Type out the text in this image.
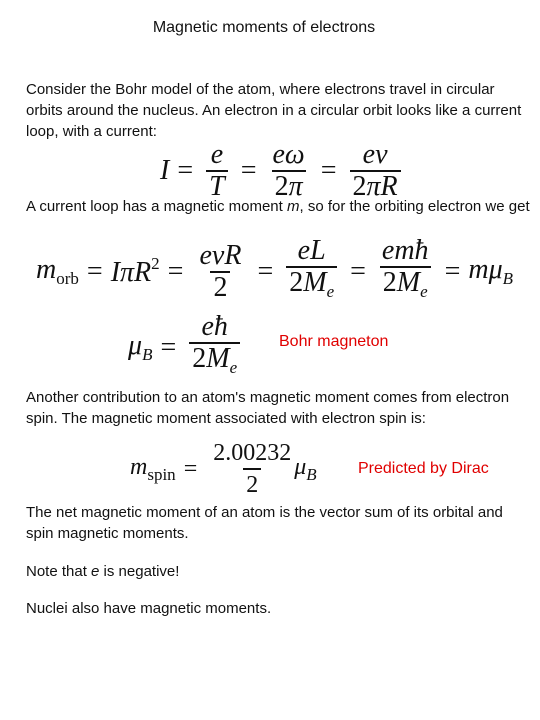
Magnetic moments of electrons
Consider the Bohr model of the atom, where electrons travel in circular orbits around the nucleus. An electron in a circular orbit looks like a current loop, with a current:
$I = \frac{e}{T} = \frac{e\omega}{2\pi} = \frac{ev}{2\pi R}$
A current loop has a magnetic moment m, so for the orbiting electron we get
$m_{orb} = I\pi R^2 = \frac{\text{evR}}{2} = \frac{eL}{2M_e} = \frac{\text{emħ}}{2M_e} = m\mu_B$
$\mu_B = \frac{eħ}{2M_e}$ Bohr magneton
Another contribution to an atom's magnetic moment comes from electron spin. The magnetic moment associated with electron spin is:
$m_{spin} = \frac{2.00232}{2} \mu_B$	Predicted by Dirac
The net magnetic moment of an atom is the vector sum of its orbital and spin magnetic moments.
Note that e is negative!
Nuclei also have magnetic moments.
